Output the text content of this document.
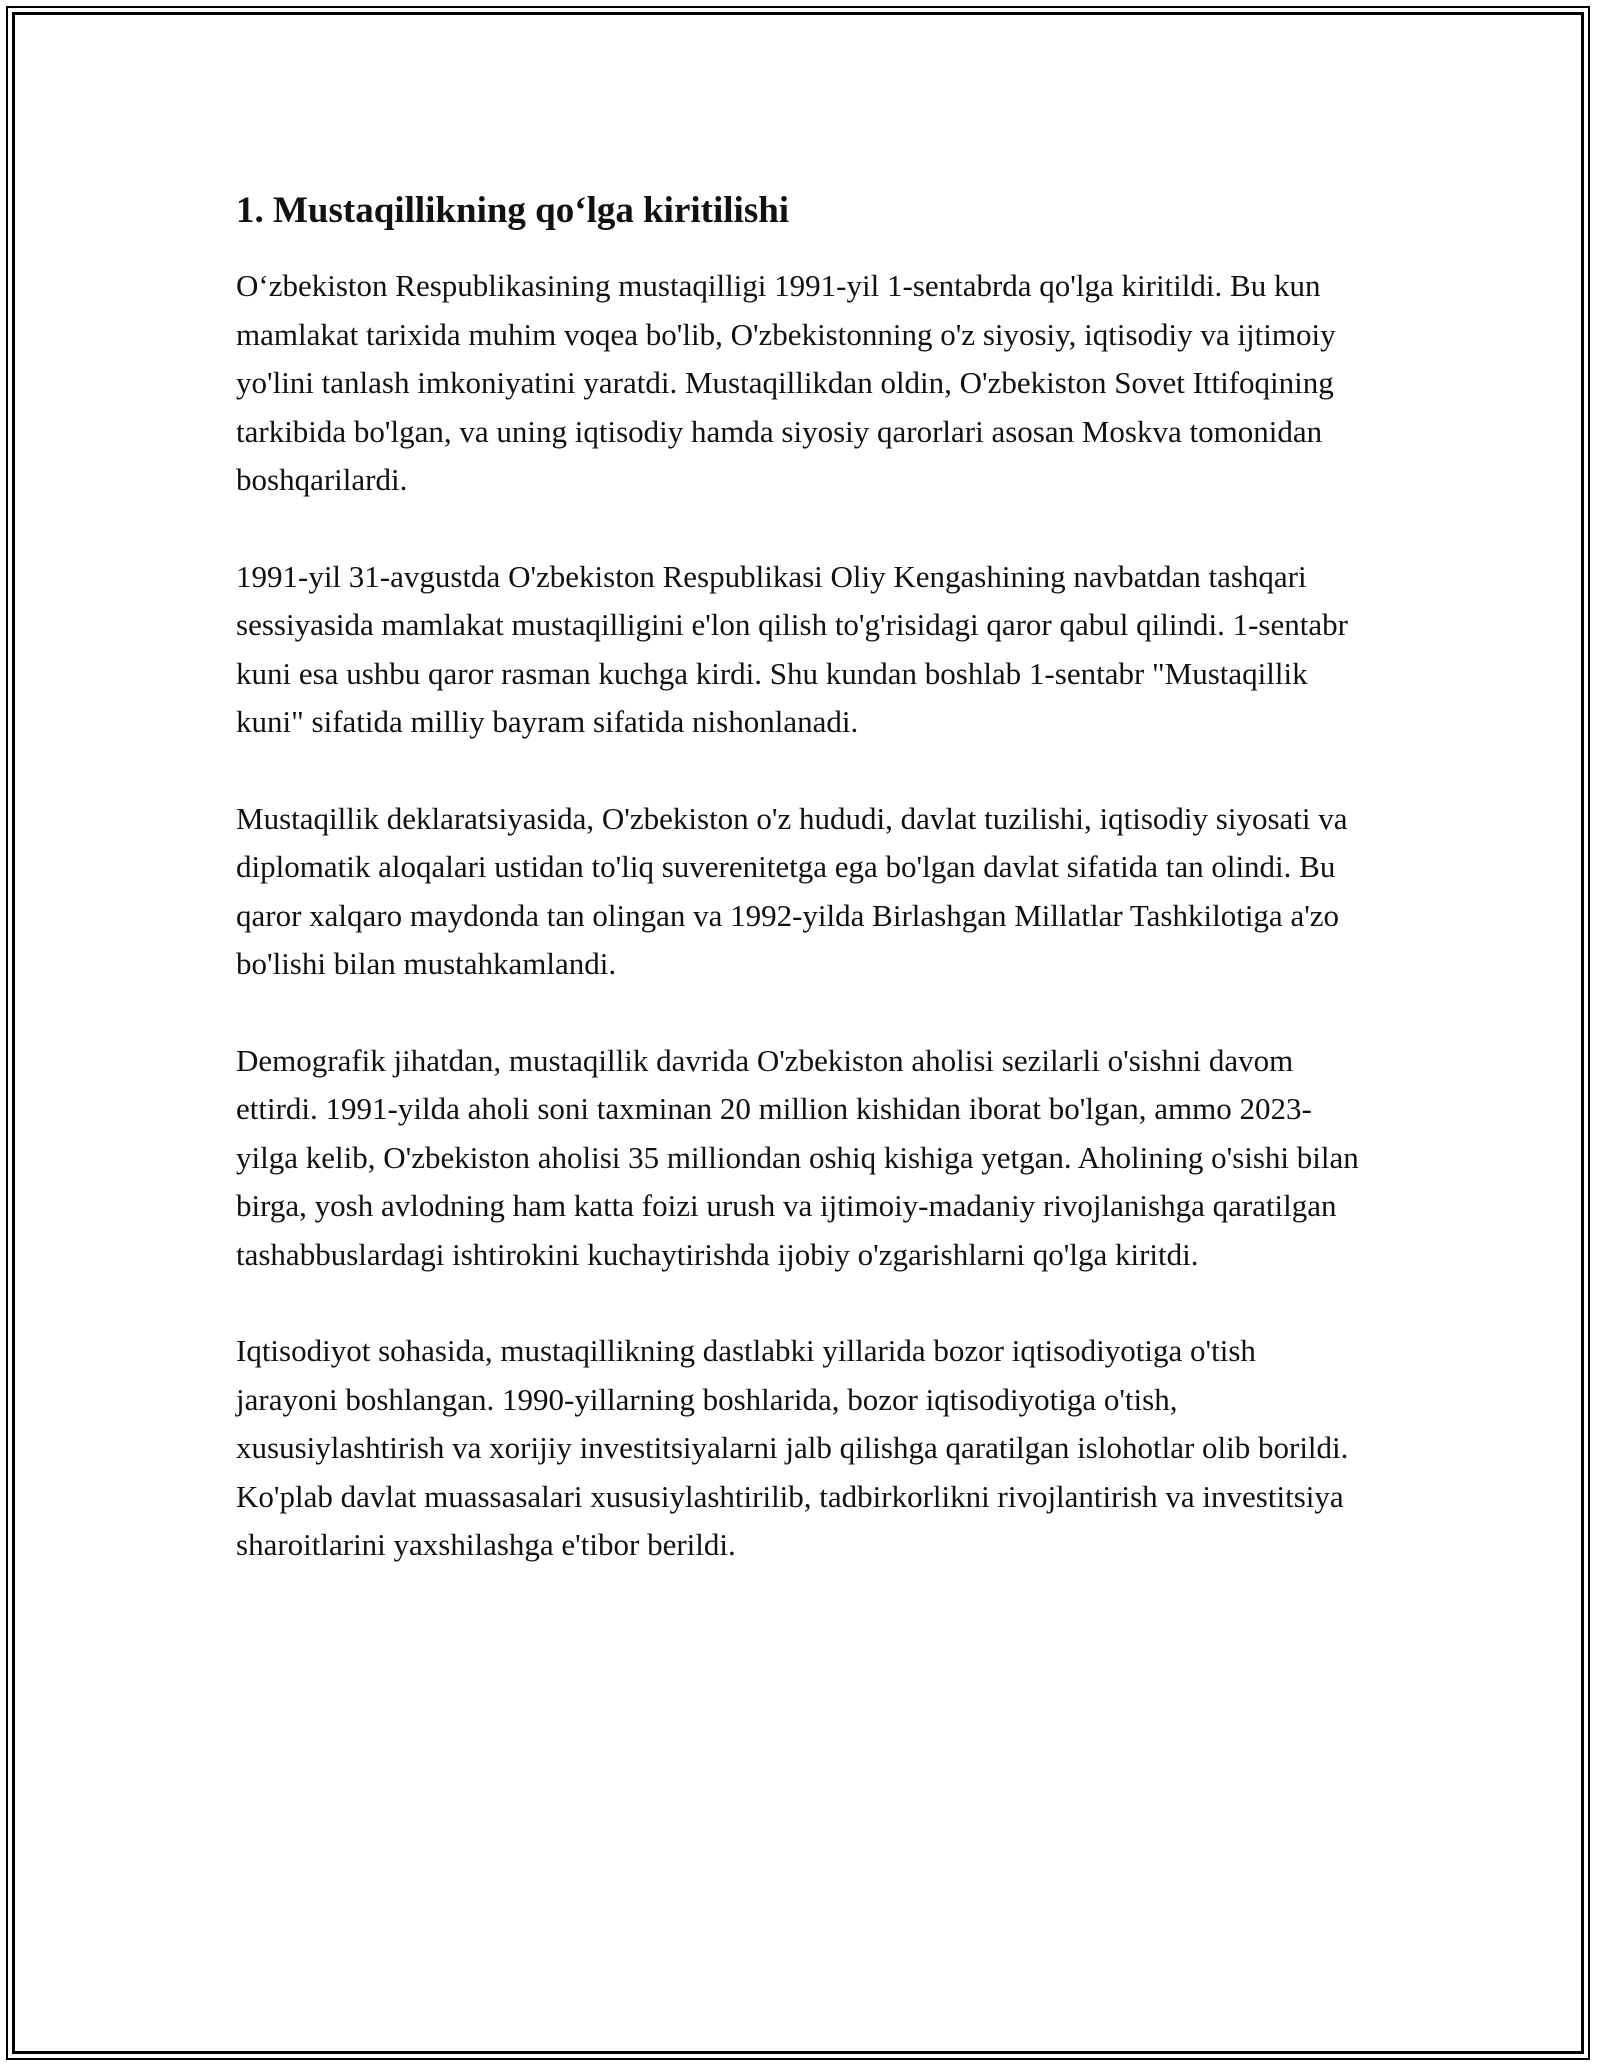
1. Mustaqillikning qo‘lga kiritilishi

O‘zbekiston Respublikasining mustaqilligi 1991-yil 1-sentabrda qo'lga kiritildi. Bu kun mamlakat tarixida muhim voqea bo'lib, O'zbekistonning o'z siyosiy, iqtisodiy va ijtimoiy yo'lini tanlash imkoniyatini yaratdi. Mustaqillikdan oldin, O'zbekiston Sovet Ittifoqining tarkibida bo'lgan, va uning iqtisodiy hamda siyosiy qarorlari asosan Moskva tomonidan boshqarilardi.

1991-yil 31-avgustda O'zbekiston Respublikasi Oliy Kengashining navbatdan tashqari sessiyasida mamlakat mustaqilligini e'lon qilish to'g'risidagi qaror qabul qilindi. 1-sentabr kuni esa ushbu qaror rasman kuchga kirdi. Shu kundan boshlab 1-sentabr "Mustaqillik kuni" sifatida milliy bayram sifatida nishonlanadi.

Mustaqillik deklaratsiyasida, O'zbekiston o'z hududi, davlat tuzilishi, iqtisodiy siyosati va diplomatik aloqalari ustidan to'liq suverenitetga ega bo'lgan davlat sifatida tan olindi. Bu qaror xalqaro maydonda tan olingan va 1992-yilda Birlashgan Millatlar Tashkilotiga a'zo bo'lishi bilan mustahkamlandi.

Demografik jihatdan, mustaqillik davrida O'zbekiston aholisi sezilarli o'sishni davom ettirdi. 1991-yilda aholi soni taxminan 20 million kishidan iborat bo'lgan, ammo 2023-yilga kelib, O'zbekiston aholisi 35 milliondan oshiq kishiga yetgan. Aholining o'sishi bilan birga, yosh avlodning ham katta foizi urush va ijtimoiy-madaniy rivojlanishga qaratilgan tashabbuslardagi ishtirokini kuchaytirishda ijobiy o'zgarishlarni qo'lga kiritdi.

Iqtisodiyot sohasida, mustaqillikning dastlabki yillarida bozor iqtisodiyotiga o'tish jarayoni boshlangan. 1990-yillarning boshlarida, bozor iqtisodiyotiga o'tish, xususiylashtirish va xorijiy investitsiyalarni jalb qilishga qaratilgan islohotlar olib borildi. Ko'plab davlat muassasalari xususiylashtirilib, tadbirkorlikni rivojlantirish va investitsiya sharoitlarini yaxshilashga e'tibor berildi.
